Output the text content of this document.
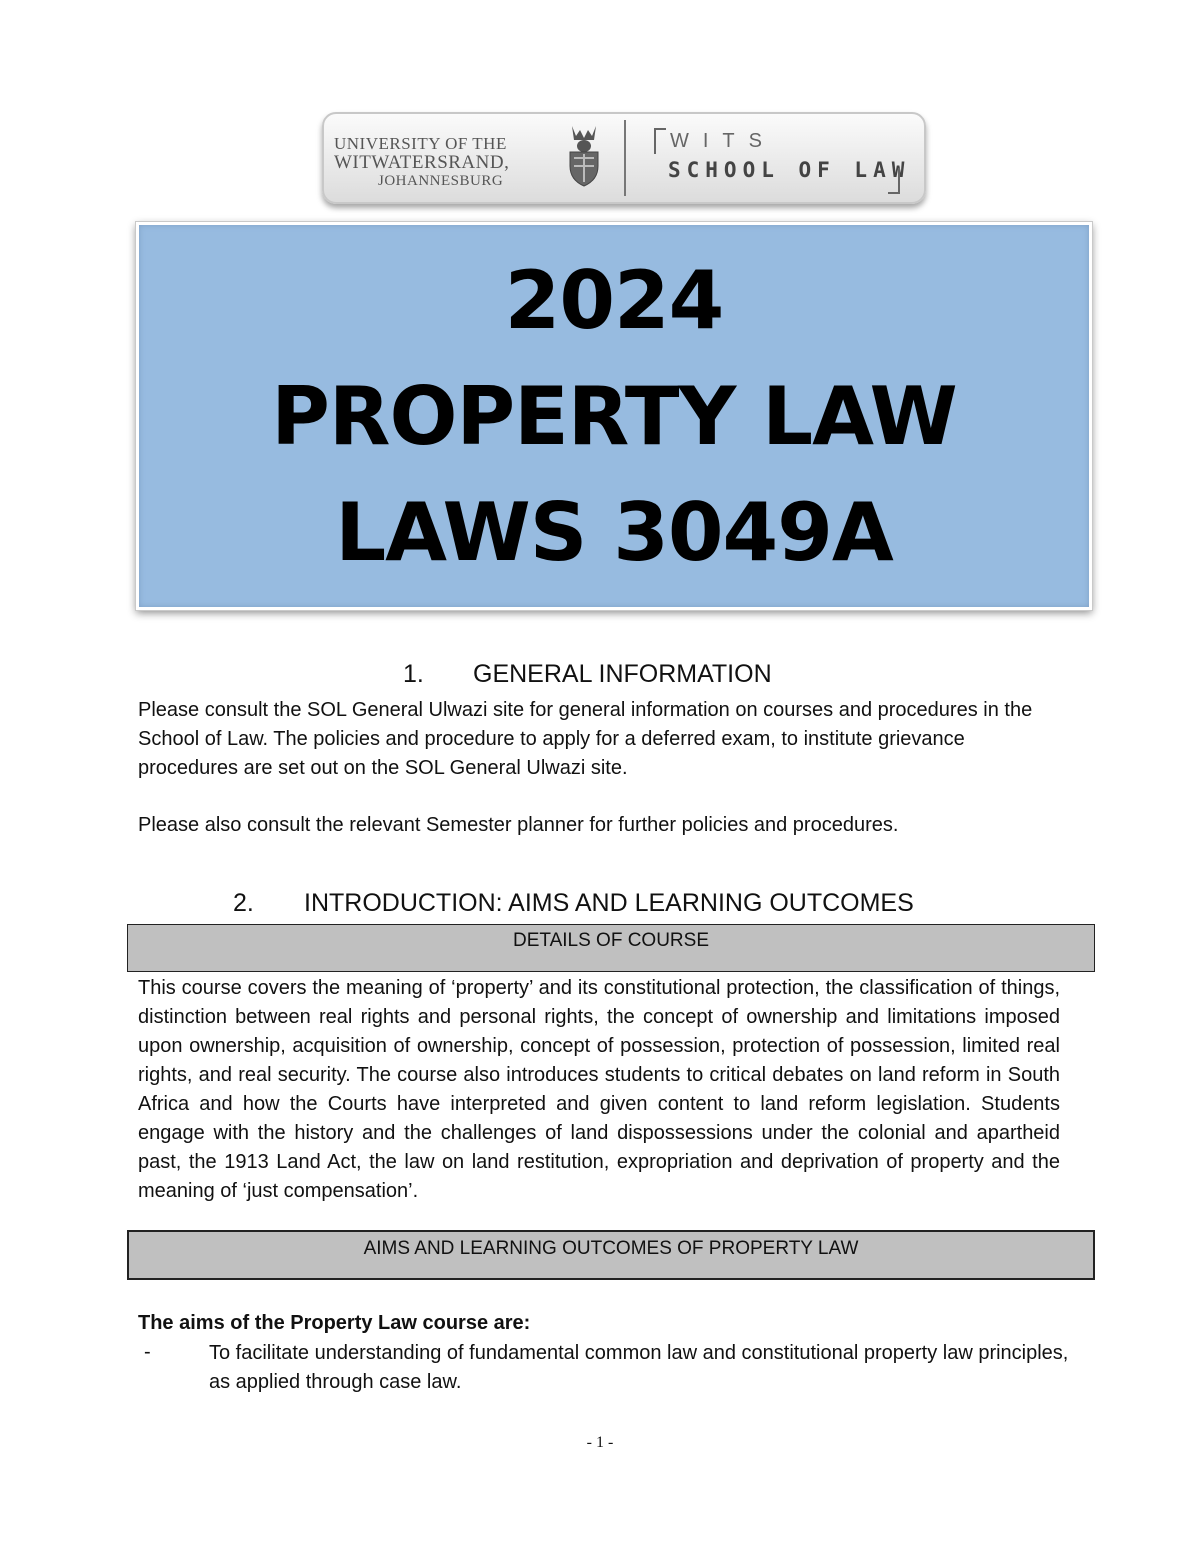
UNIVERSITY OF THE
WITWATERSRAND,
JOHANNESBURG
WITS
SCHOOL OF LAW
2024
PROPERTY LAW
LAWS 3049A
1. GENERAL INFORMATION
Please consult the SOL General Ulwazi site for general information on courses and procedures in the School of Law. The policies and procedure to apply for a deferred exam, to institute grievance procedures are set out on the SOL General Ulwazi site.
Please also consult the relevant Semester planner for further policies and procedures.
2. INTRODUCTION: AIMS AND LEARNING OUTCOMES
DETAILS OF COURSE
This course covers the meaning of ‘property’ and its constitutional protection, the classification of things, distinction between real rights and personal rights, the concept of ownership and limitations imposed upon ownership, acquisition of ownership, concept of possession, protection of possession, limited real rights, and real security. The course also introduces students to critical debates on land reform in South Africa and how the Courts have interpreted and given content to land reform legislation. Students engage with the history and the challenges of land dispossessions under the colonial and apartheid past, the 1913 Land Act, the law on land restitution, expropriation and deprivation of property and the meaning of ‘just compensation’.
AIMS AND LEARNING OUTCOMES OF PROPERTY LAW
The aims of the Property Law course are:
-	To facilitate understanding of fundamental common law and constitutional property law principles, as applied through case law.
- 1 -
